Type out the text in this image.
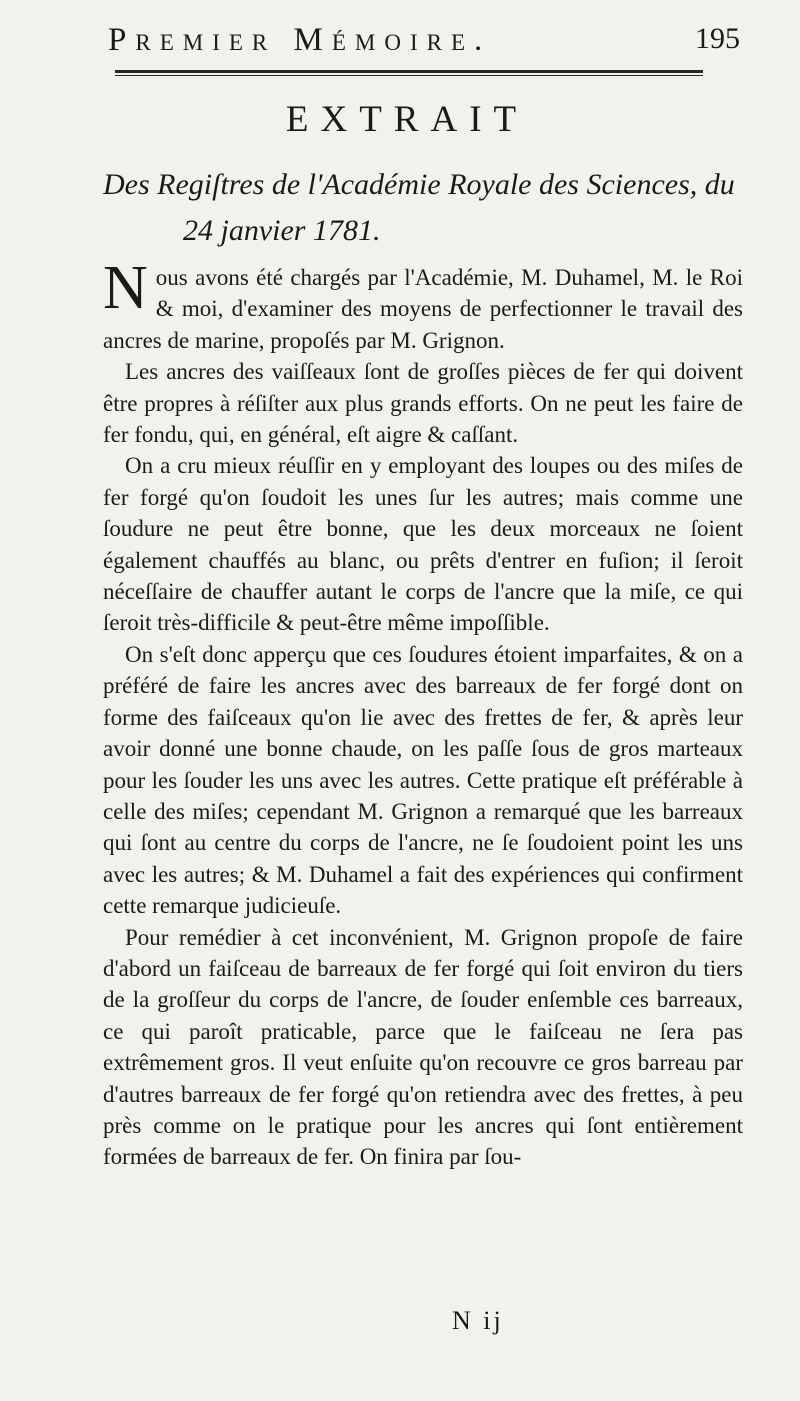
Premier Mémoire.	195
EXTRAIT
Des Regiſtres de l'Académie Royale des Sciences, du
24 janvier 1781.

Nous avons été chargés par l'Académie, M. Duhamel, M. le Roi & moi, d'examiner des moyens de perfectionner le travail des ancres de marine, propoſés par M. Grignon.

Les ancres des vaiſſeaux ſont de groſſes pièces de fer qui doivent être propres à réſiſter aux plus grands efforts. On ne peut les faire de fer fondu, qui, en général, eſt aigre & caſſant.

On a cru mieux réuſſir en y employant des loupes ou des miſes de fer forgé qu'on ſoudoit les unes ſur les autres; mais comme une ſoudure ne peut être bonne, que les deux morceaux ne ſoient également chauffés au blanc, ou prêts d'entrer en fuſion; il ſeroit néceſſaire de chauffer autant le corps de l'ancre que la miſe, ce qui ſeroit très-difficile & peut-être même impoſſible.

On s'eſt donc apperçu que ces ſoudures étoient imparfaites, & on a préféré de faire les ancres avec des barreaux de fer forgé dont on forme des faiſceaux qu'on lie avec des frettes de fer, & après leur avoir donné une bonne chaude, on les paſſe ſous de gros marteaux pour les ſouder les uns avec les autres. Cette pratique eſt préférable à celle des miſes; cependant M. Grignon a remarqué que les barreaux qui ſont au centre du corps de l'ancre, ne ſe ſoudoient point les uns avec les autres; & M. Duhamel a fait des expériences qui confirment cette remarque judicieuſe.

Pour remédier à cet inconvénient, M. Grignon propoſe de faire d'abord un faiſceau de barreaux de fer forgé qui ſoit environ du tiers de la groſſeur du corps de l'ancre, de ſouder enſemble ces barreaux, ce qui paroît praticable, parce que le faiſceau ne ſera pas extrêmement gros. Il veut enſuite qu'on recouvre ce gros barreau par d'autres barreaux de fer forgé qu'on retiendra avec des frettes, à peu près comme on le pratique pour les ancres qui ſont entièrement formées de barreaux de fer. On finira par ſou-

N ij
